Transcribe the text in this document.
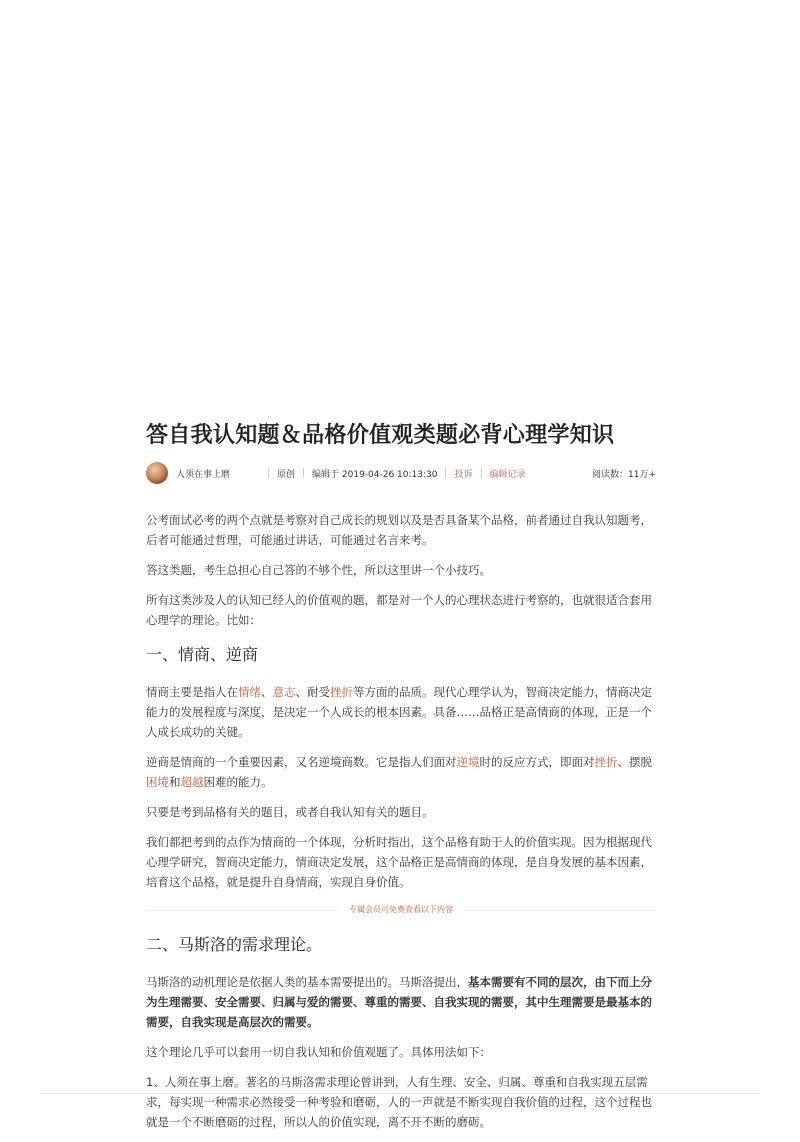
答自我认知题＆品格价值观类题必背心理学知识
人须在事上磨	原创 编辑于 2019-04-26 10:13:30 投诉 编辑记录	阅读数：11万+

公考面试必考的两个点就是考察对自己成长的规划以及是否具备某个品格，前者通过自我认知题考，后者可能通过哲理，可能通过讲话，可能通过名言来考。

答这类题，考生总担心自己答的不够个性，所以这里讲一个小技巧。

所有这类涉及人的认知已经人的价值观的题，都是对一个人的心理状态进行考察的，也就很适合套用心理学的理论。比如：

一、情商、逆商

情商主要是指人在情绪、意志、耐受挫折等方面的品质。现代心理学认为，智商决定能力，情商决定能力的发展程度与深度，是决定一个人成长的根本因素。具备……品格正是高情商的体现，正是一个人成长成功的关键。

逆商是情商的一个重要因素，又名逆境商数。它是指人们面对逆境时的反应方式，即面对挫折、摆脱困境和超越困难的能力。

只要是考到品格有关的题目，或者自我认知有关的题目。

我们都把考到的点作为情商的一个体现，分析时指出，这个品格有助于人的价值实现。因为根据现代心理学研究，智商决定能力，情商决定发展，这个品格正是高情商的体现，是自身发展的基本因素，培育这个品格，就是提升自身情商，实现自身价值。

专属会员可免费查看以下内容
二、马斯洛的需求理论。

马斯洛的动机理论是依据人类的基本需要提出的。马斯洛提出，基本需要有不同的层次，由下而上分为生理需要、安全需要、归属与爱的需要、尊重的需要、自我实现的需要，其中生理需要是最基本的需要，自我实现是高层次的需要。

这个理论几乎可以套用一切自我认知和价值观题了。具体用法如下：

1、人须在事上磨。著名的马斯洛需求理论曾讲到，人有生理、安全、归属、尊重和自我实现五层需求，每实现一种需求必然接受一种考验和磨砺，人的一声就是不断实现自我价值的过程，这个过程也就是一个不断磨砺的过程，所以人的价值实现，离不开不断的磨砺。
